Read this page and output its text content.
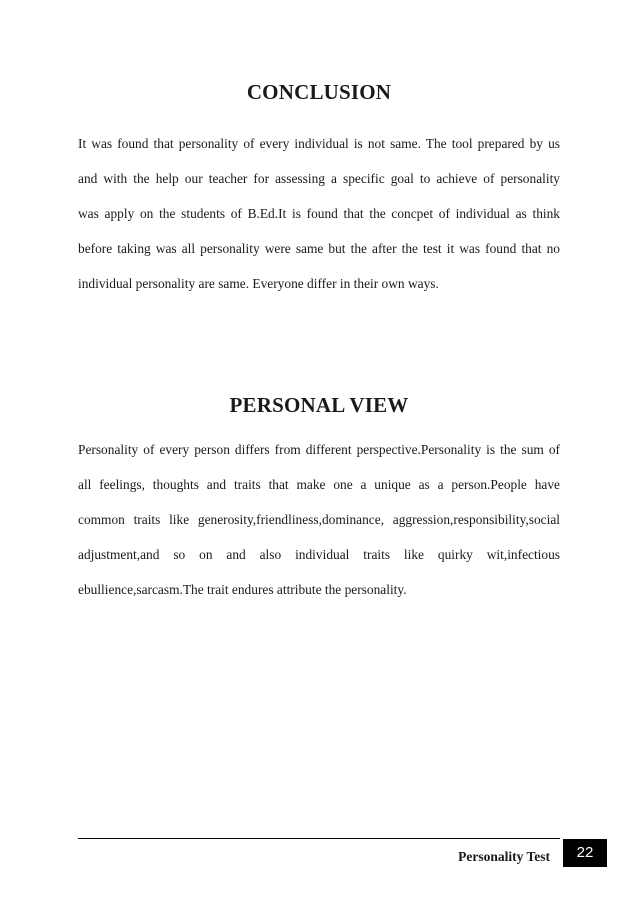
CONCLUSION
It was found that personality of every individual is not same. The tool prepared by us
and with the help our teacher for assessing a specific goal to achieve of personality
was apply on the students of B.Ed.It is found that the concpet of individual as think
before taking was all personality were same but the after the test it was found that no
individual personality are same. Everyone differ in their own ways.
PERSONAL VIEW
Personality of every person differs from different perspective.Personality is the sum of
all feelings, thoughts and traits that make one a unique as a person.People have
common traits like generosity,friendliness,dominance, aggression,responsibility,social
adjustment,and so on and also individual traits like quirky wit,infectious
ebullience,sarcasm.The trait endures attribute the personality.
Personality Test	22
